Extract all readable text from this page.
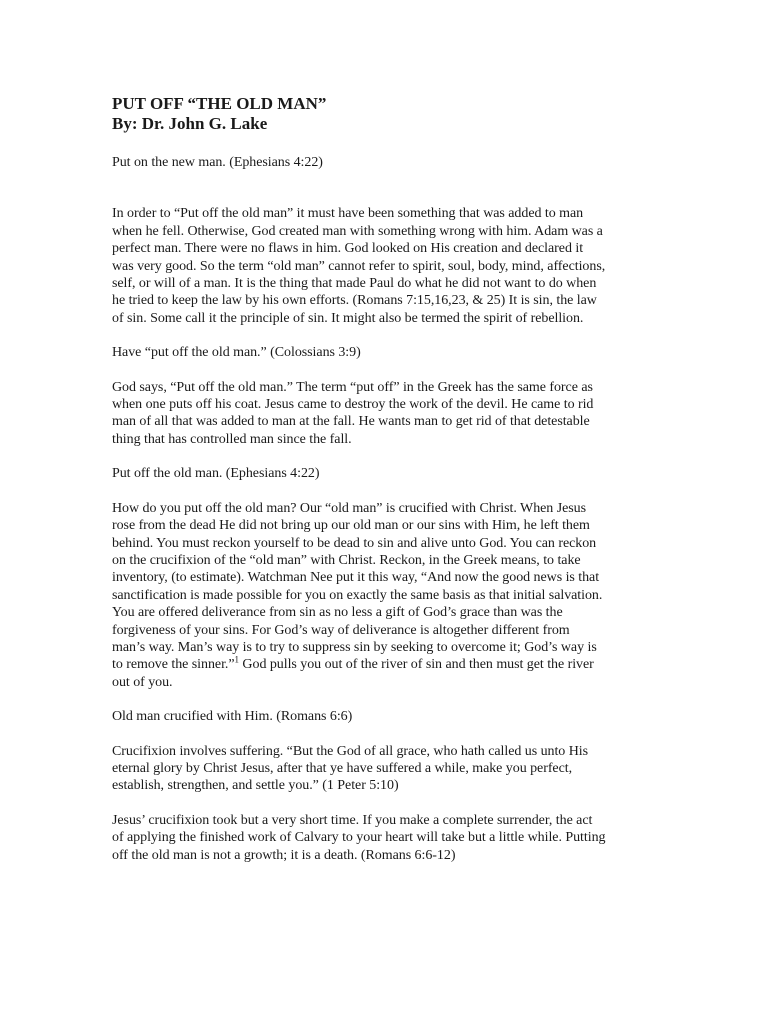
PUT OFF “THE OLD MAN”
By: Dr. John G. Lake

Put on the new man. (Ephesians 4:22)

In order to “Put off the old man” it must have been something that was added to man
when he fell. Otherwise, God created man with something wrong with him. Adam was a
perfect man. There were no flaws in him. God looked on His creation and declared it
was very good. So the term “old man” cannot refer to spirit, soul, body, mind, affections,
self, or will of a man. It is the thing that made Paul do what he did not want to do when
he tried to keep the law by his own efforts. (Romans 7:15,16,23, & 25) It is sin, the law
of sin. Some call it the principle of sin. It might also be termed the spirit of rebellion.

Have “put off the old man.” (Colossians 3:9)

God says, “Put off the old man.” The term “put off” in the Greek has the same force as
when one puts off his coat. Jesus came to destroy the work of the devil. He came to rid
man of all that was added to man at the fall. He wants man to get rid of that detestable
thing that has controlled man since the fall.

Put off the old man. (Ephesians 4:22)

How do you put off the old man? Our “old man” is crucified with Christ. When Jesus
rose from the dead He did not bring up our old man or our sins with Him, he left them
behind. You must reckon yourself to be dead to sin and alive unto God. You can reckon
on the crucifixion of the “old man” with Christ. Reckon, in the Greek means, to take
inventory, (to estimate). Watchman Nee put it this way, “And now the good news is that
sanctification is made possible for you on exactly the same basis as that initial salvation.
You are offered deliverance from sin as no less a gift of God’s grace than was the
forgiveness of your sins. For God’s way of deliverance is altogether different from
man’s way. Man’s way is to try to suppress sin by seeking to overcome it; God’s way is
to remove the sinner.”$^1$ God pulls you out of the river of sin and then must get the river
out of you.

Old man crucified with Him. (Romans 6:6)

Crucifixion involves suffering. “But the God of all grace, who hath called us unto His
eternal glory by Christ Jesus, after that ye have suffered a while, make you perfect,
establish, strengthen, and settle you.” (1 Peter 5:10)

Jesus’ crucifixion took but a very short time. If you make a complete surrender, the act
of applying the finished work of Calvary to your heart will take but a little while. Putting
off the old man is not a growth; it is a death. (Romans 6:6-12)
